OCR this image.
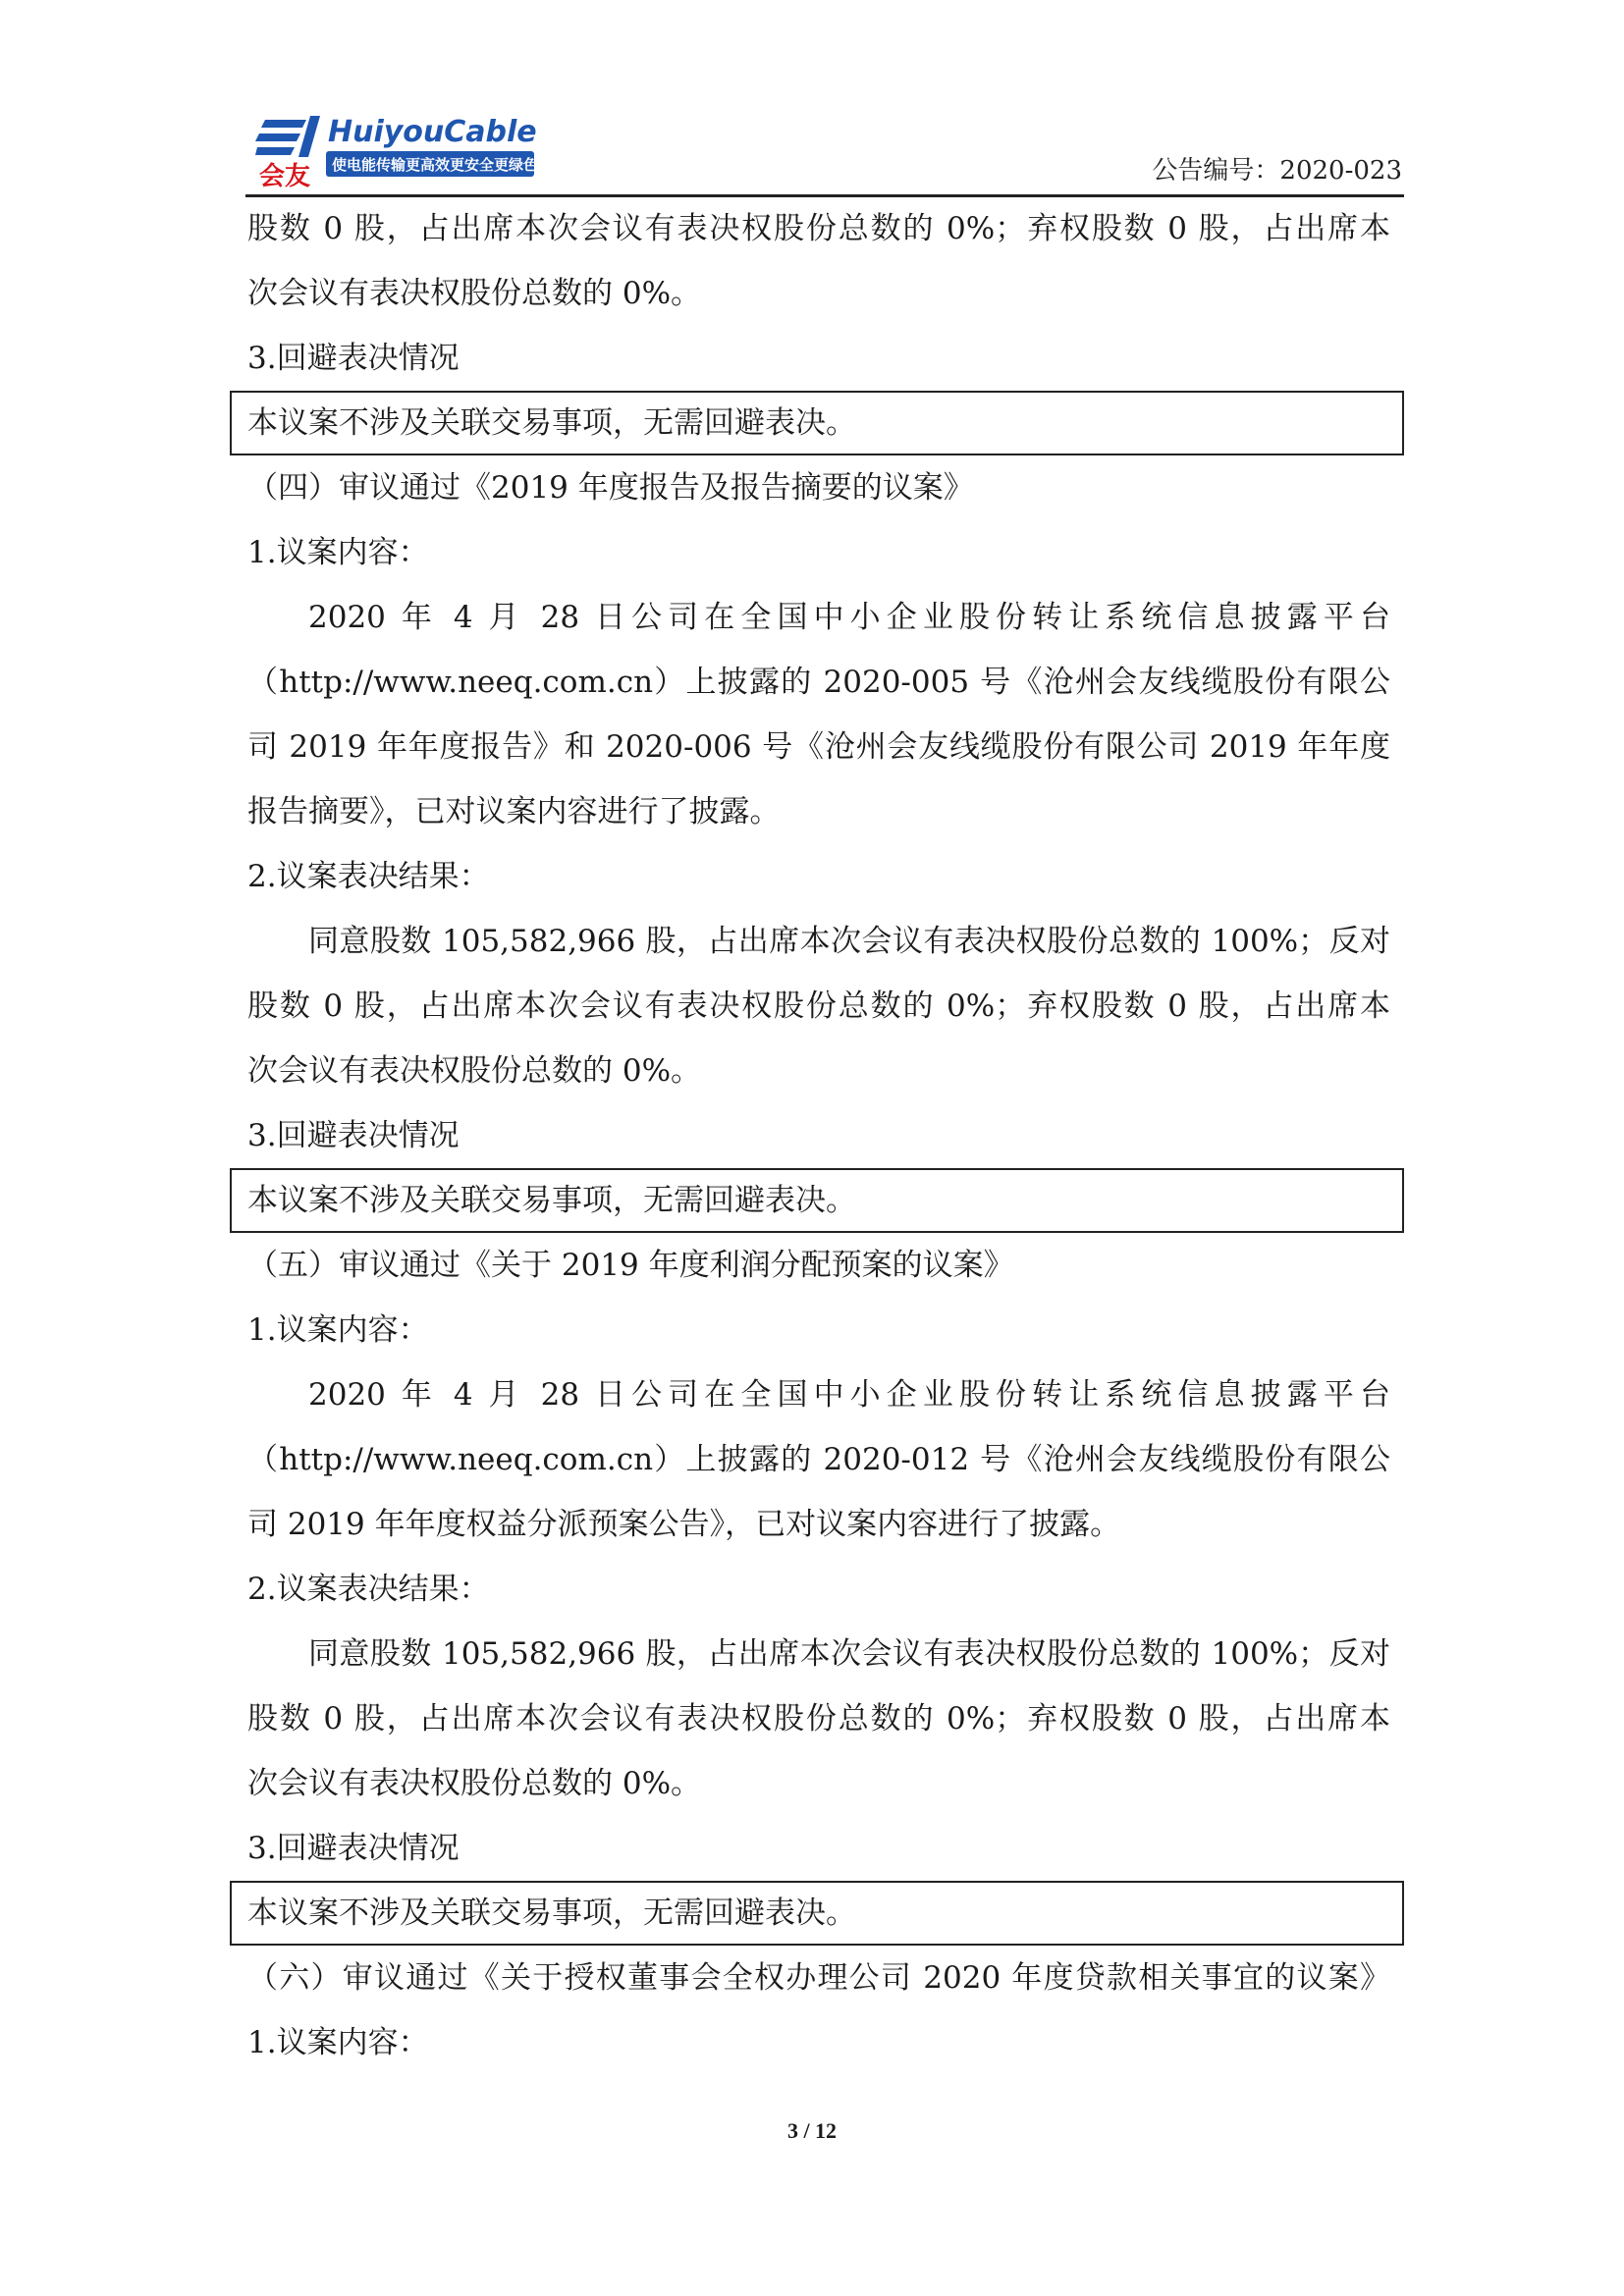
会友
HuiyouCable
使电能传输更高效更安全更绿色	公告编号：2020-023
股数 0 股，占出席本次会议有表决权股份总数的 0%；弃权股数 0 股，占出席本
次会议有表决权股份总数的 0%。
3.回避表决情况
本议案不涉及关联交易事项，无需回避表决。
（四）审议通过《2019 年度报告及报告摘要的议案》
1.议案内容：
2020 年 4 月 28 日公司在全国中小企业股份转让系统信息披露平台
（http://www.neeq.com.cn）上披露的 2020-005 号《沧州会友线缆股份有限公
司 2019 年年度报告》和 2020-006 号《沧州会友线缆股份有限公司 2019 年年度
报告摘要》，已对议案内容进行了披露。
2.议案表决结果：
同意股数 105,582,966 股，占出席本次会议有表决权股份总数的 100%；反对
股数 0 股，占出席本次会议有表决权股份总数的 0%；弃权股数 0 股，占出席本
次会议有表决权股份总数的 0%。
3.回避表决情况
本议案不涉及关联交易事项，无需回避表决。
（五）审议通过《关于 2019 年度利润分配预案的议案》
1.议案内容：
2020 年 4 月 28 日公司在全国中小企业股份转让系统信息披露平台
（http://www.neeq.com.cn）上披露的 2020-012 号《沧州会友线缆股份有限公
司 2019 年年度权益分派预案公告》，已对议案内容进行了披露。
2.议案表决结果：
同意股数 105,582,966 股，占出席本次会议有表决权股份总数的 100%；反对
股数 0 股，占出席本次会议有表决权股份总数的 0%；弃权股数 0 股，占出席本
次会议有表决权股份总数的 0%。
3.回避表决情况
本议案不涉及关联交易事项，无需回避表决。
（六）审议通过《关于授权董事会全权办理公司 2020 年度贷款相关事宜的议案》
1.议案内容：
3 / 12
